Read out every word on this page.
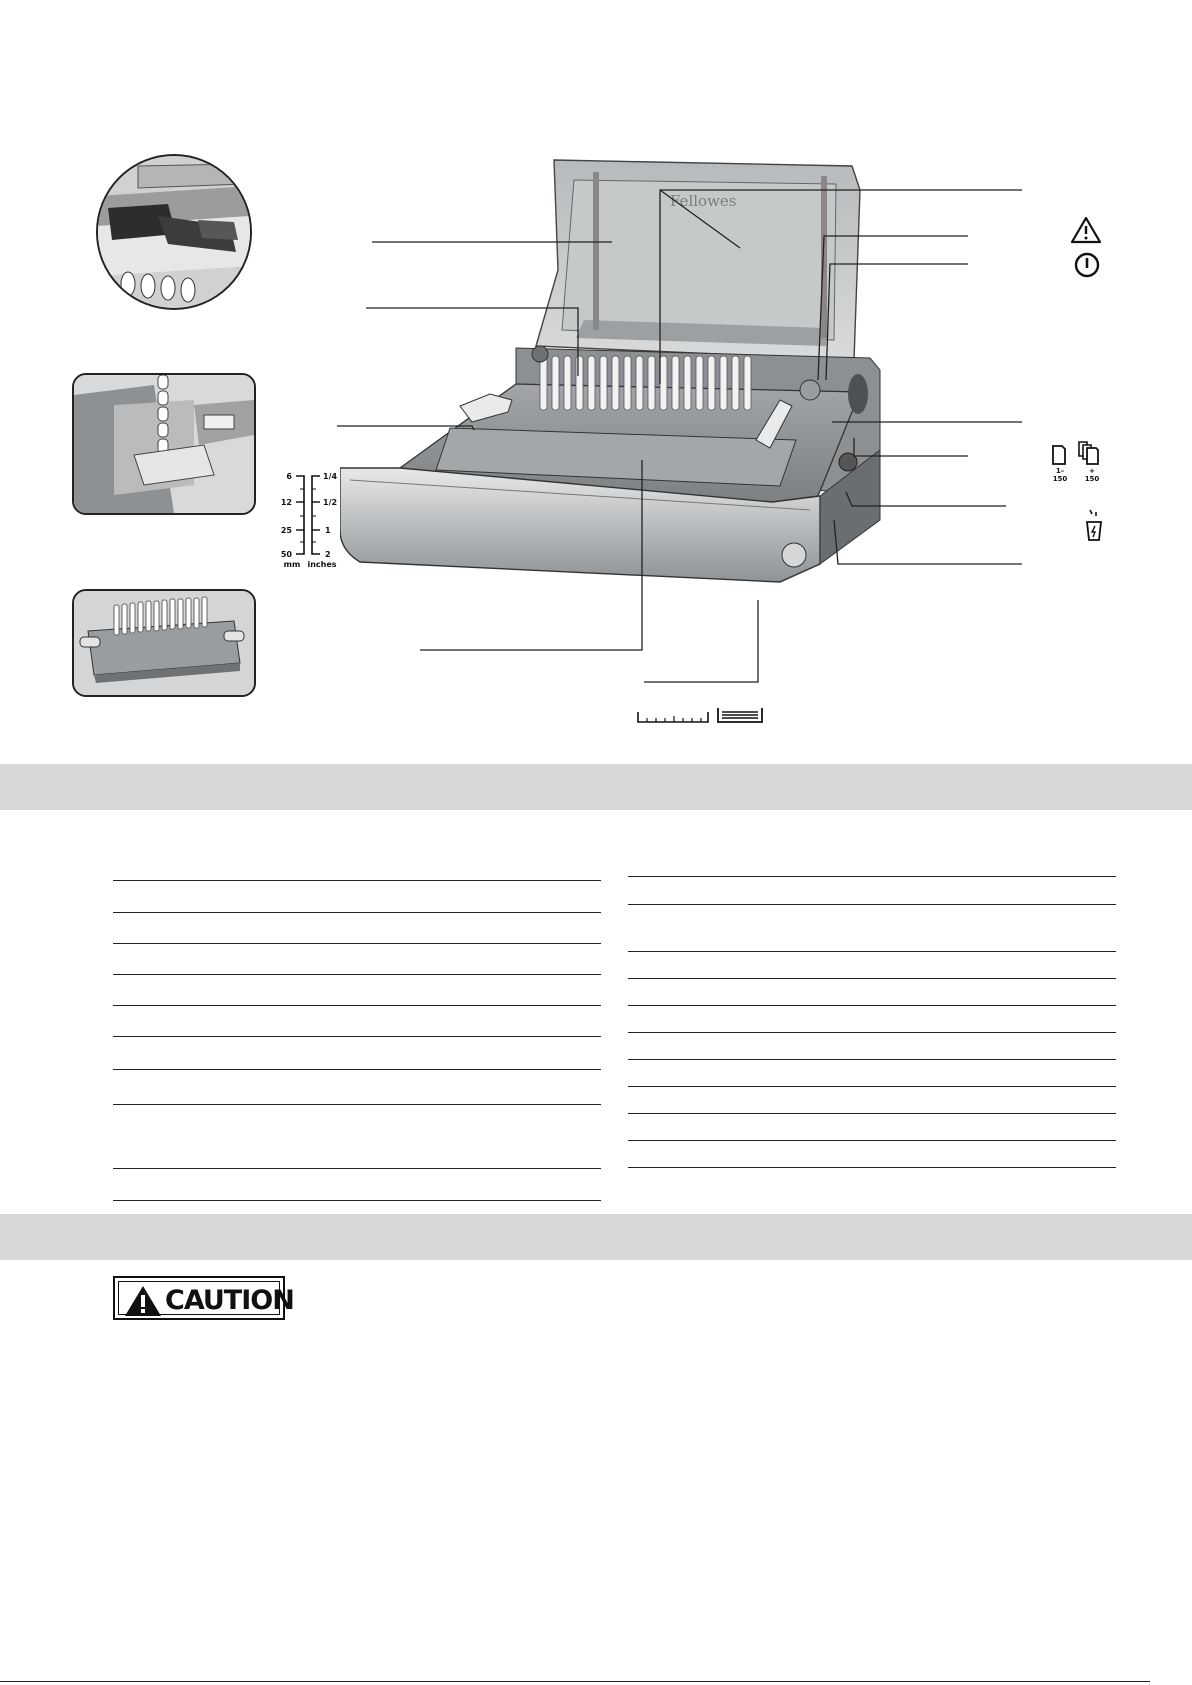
6
12
25
50
1/4
1/2
1
2
mm inches
Fellowes
1–
150
+
150
CAUTION
